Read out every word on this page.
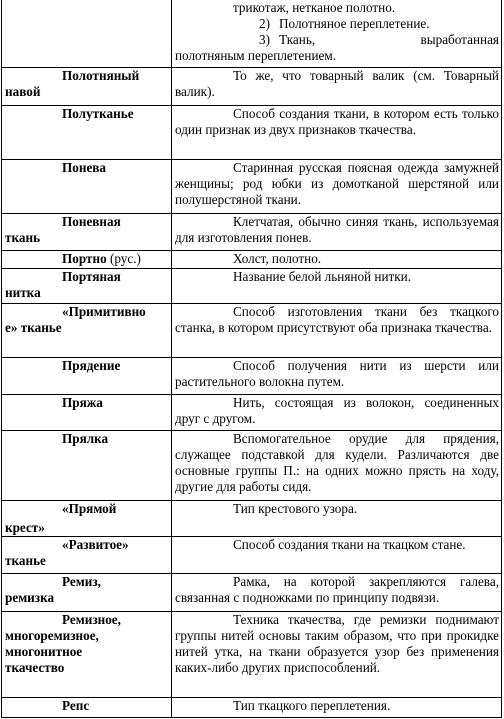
	трикотаж, нетканое полотно.
2) Полотняное переплетение.
3) Ткань, выработанная
полотняным переплетением.

Полотняный
навой	То же, что товарный валик (см. Товарный валик).

Полутканье	Способ создания ткани, в котором есть только один признак из двух признаков ткачества.

Понева	Старинная русская поясная одежда замужней женщины; род юбки из домотканой шерстяной или полушерстяной ткани.

Поневная
ткань	Клетчатая, обычно синяя ткань, используемая для изготовления понев.

Портно (рус.)	Холст, полотно.

Портяная
нитка	Название белой льняной нитки.

«Примитивно
е» тканье	Способ изготовления ткани без ткацкого станка, в котором присутствуют оба признака ткачества.

Прядение	Способ получения нити из шерсти или растительного волокна путем.

Пряжа	Нить, состоящая из волокон, соединенных друг с другом.

Прялка	Вспомогательное орудие для прядения, служащее подставкой для кудели. Различаются две основные группы П.: на одних можно прясть на ходу, другие для работы сидя.

«Прямой
крест»	Тип крестового узора.

«Развитое»
тканье	Способ создания ткани на ткацком стане.

Ремиз,
ремизка	Рамка, на которой закрепляются галева, связанная с подножками по принципу подвязи.

Ремизное,
многоремизное,
многонитное
ткачество	Техника ткачества, где ремизки поднимают группы нитей основы таким образом, что при прокидке нитей утка, на ткани образуется узор без применения каких-либо других приспособлений.

Репс	Тип ткацкого переплетения.
